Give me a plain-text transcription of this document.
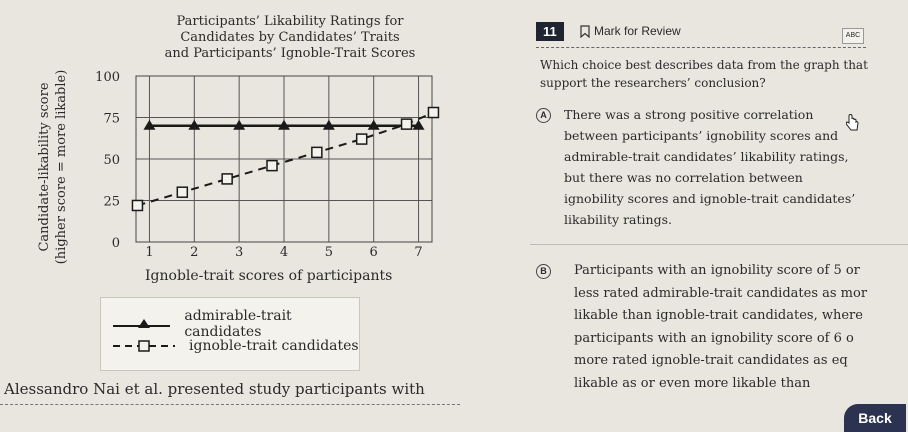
Participants’ Likability Ratings for
Candidates by Candidates’ Traits
and Participants’ Ignoble-Trait Scores
Candidate-likability score (higher score = more likable)	0
25
50
75
100
1	2	3	4	5	6	7
Ignoble-trait scores of participants
admirable-trait candidates
ignoble-trait candidates
Alessandro Nai et al. presented study participants with
11	Mark for Review	ABC
Which choice best describes data from the graph that support the researchers’ conclusion?
A	There was a strong positive correlation
between participants’ ignobility scores and
admirable-trait candidates’ likability ratings,
but there was no correlation between
ignobility scores and ignoble-trait candidates’
likability ratings.
B	Participants with an ignobility score of 5 or
less rated admirable-trait candidates as mor
likable than ignoble-trait candidates, where
participants with an ignobility score of 6 o
more rated ignoble-trait candidates as eq
likable as or even more likable than
Back
